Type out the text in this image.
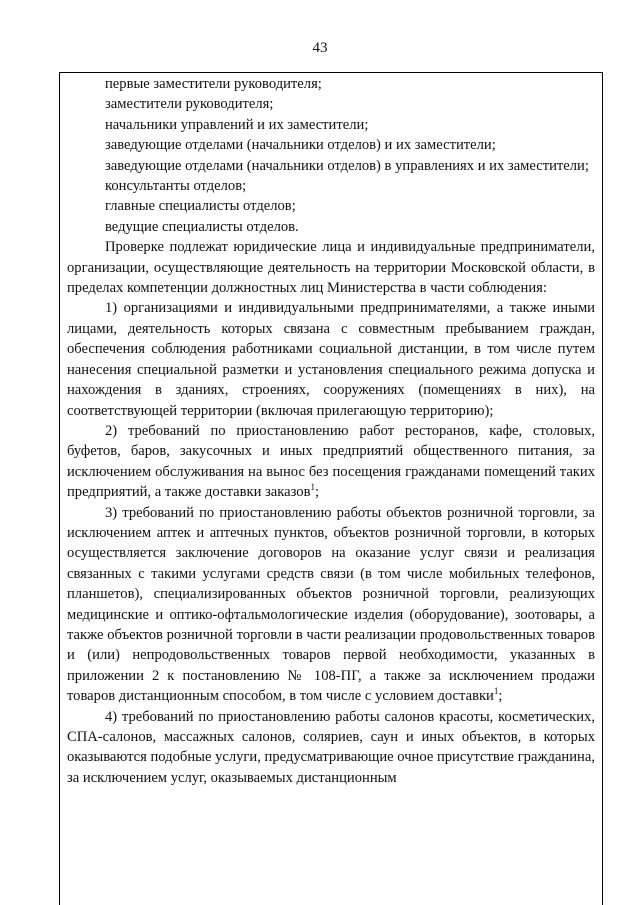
43

первые заместители руководителя;

заместители руководителя;

начальники управлений и их заместители;

заведующие отделами (начальники отделов) и их заместители;

заведующие отделами (начальники отделов) в управлениях и их заместители;

консультанты отделов;

главные специалисты отделов;

ведущие специалисты отделов.

Проверке подлежат юридические лица и индивидуальные предприниматели, организации, осуществляющие деятельность на территории Московской области, в пределах компетенции должностных лиц Министерства в части соблюдения:

1) организациями и индивидуальными предпринимателями, а также иными лицами, деятельность которых связана с совместным пребыванием граждан, обеспечения соблюдения работниками социальной дистанции, в том числе путем нанесения специальной разметки и установления специального режима допуска и нахождения в зданиях, строениях, сооружениях (помещениях в них), на соответствующей территории (включая прилегающую территорию);

2) требований по приостановлению работ ресторанов, кафе, столовых, буфетов, баров, закусочных и иных предприятий общественного питания, за исключением обслуживания на вынос без посещения гражданами помещений таких предприятий, а также доставки заказов$^1$;

3) требований по приостановлению работы объектов розничной торговли, за исключением аптек и аптечных пунктов, объектов розничной торговли, в которых осуществляется заключение договоров на оказание услуг связи и реализация связанных с такими услугами средств связи (в том числе мобильных телефонов, планшетов), специализированных объектов розничной торговли, реализующих медицинские и оптико-офтальмологические изделия (оборудование), зоотовары, а также объектов розничной торговли в части реализации продовольственных товаров и (или) непродовольственных товаров первой необходимости, указанных в приложении 2 к постановлению № 108-ПГ, а также за исключением продажи товаров дистанционным способом, в том числе с условием доставки$^1$;

4) требований по приостановлению работы салонов красоты, косметических, СПА-салонов, массажных салонов, соляриев, саун и иных объектов, в которых оказываются подобные услуги, предусматривающие очное присутствие гражданина, за исключением услуг, оказываемых дистанционным
